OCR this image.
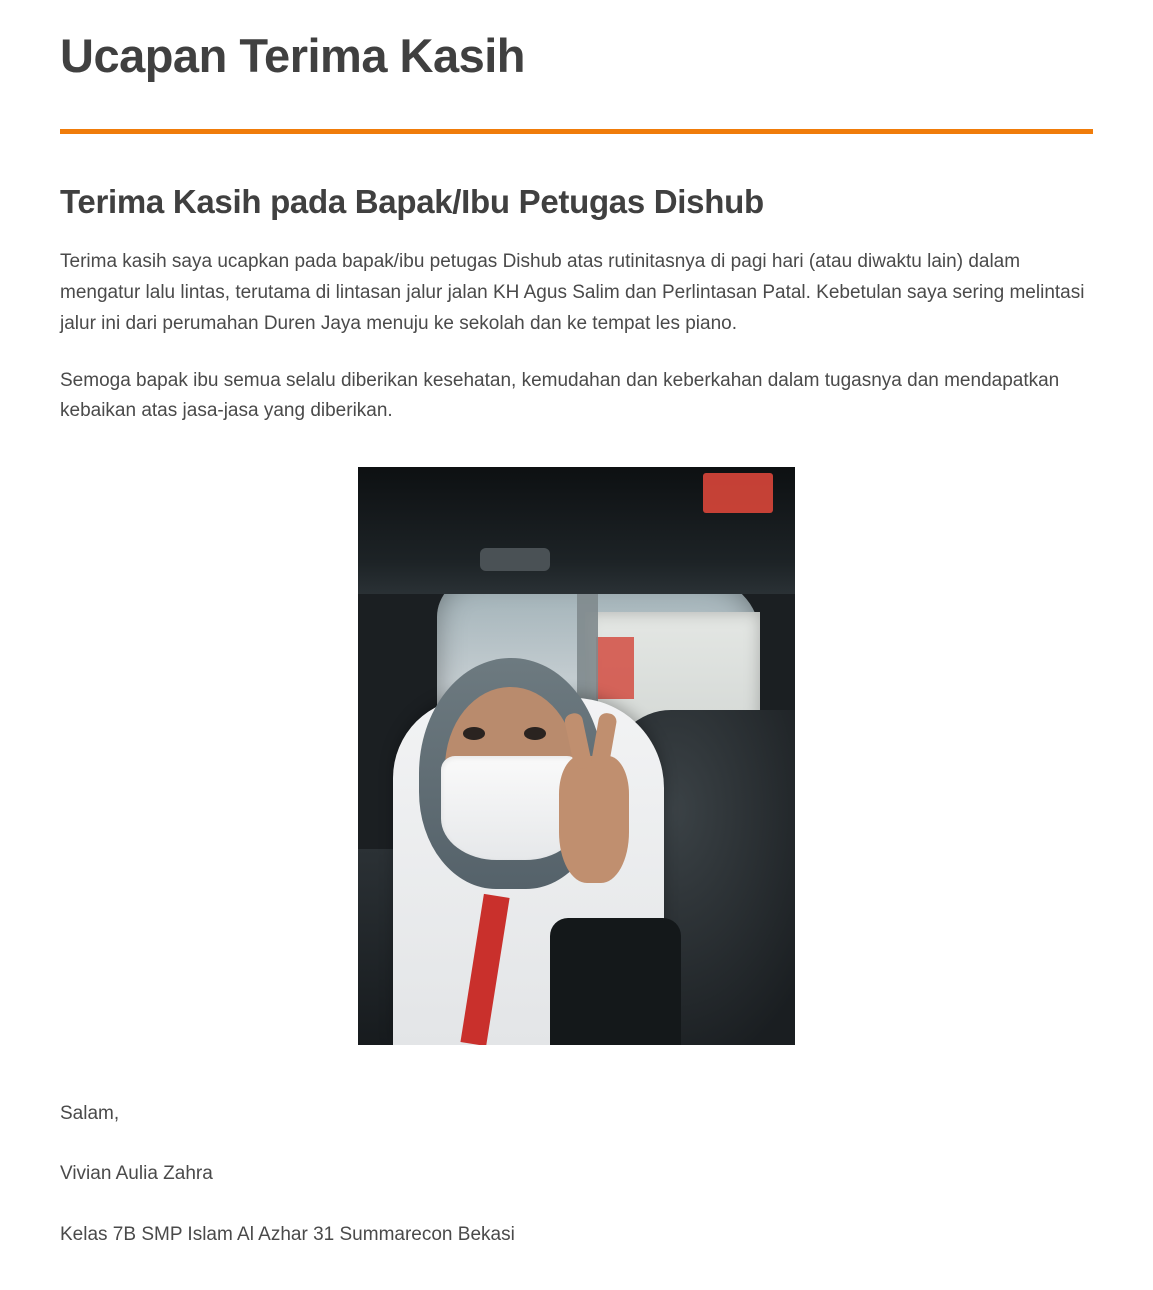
Ucapan Terima Kasih
Terima Kasih pada Bapak/Ibu Petugas Dishub

Terima kasih saya ucapkan pada bapak/ibu petugas Dishub atas rutinitasnya di pagi hari (atau diwaktu lain) dalam mengatur lalu lintas, terutama di lintasan jalur jalan KH Agus Salim dan Perlintasan Patal. Kebetulan saya sering melintasi jalur ini dari perumahan Duren Jaya menuju ke sekolah dan ke tempat les piano.

Semoga bapak ibu semua selalu diberikan kesehatan, kemudahan dan keberkahan dalam tugasnya dan mendapatkan kebaikan atas jasa-jasa yang diberikan.

Salam,

Vivian Aulia Zahra

Kelas 7B SMP Islam Al Azhar 31 Summarecon Bekasi
